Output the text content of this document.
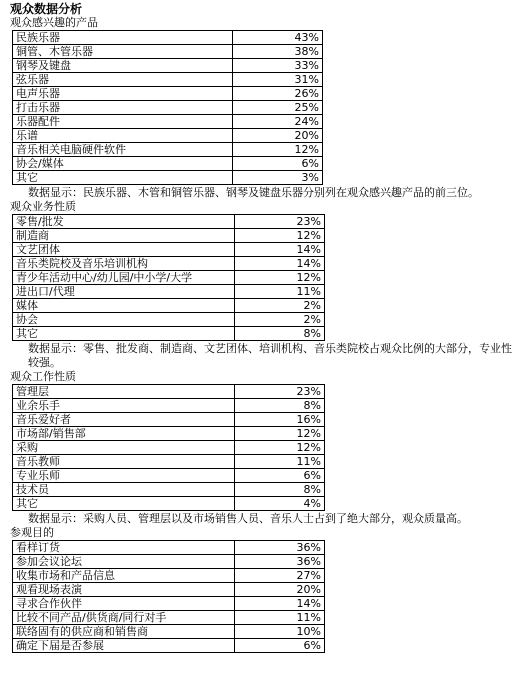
观众数据分析
观众感兴趣的产品
民族乐器	43%
铜管、木管乐器	38%
钢琴及键盘	33%
弦乐器	31%
电声乐器	26%
打击乐器	25%
乐器配件	24%
乐谱	20%
音乐相关电脑硬件软件	12%
协会/媒体	6%
其它	3%
数据显示：民族乐器、木管和铜管乐器、钢琴及键盘乐器分别列在观众感兴趣产品的前三位。
观众业务性质
零售/批发	23%
制造商	12%
文艺团体	14%
音乐类院校及音乐培训机构	14%
青少年活动中心/幼儿园/中小学/大学	12%
进出口/代理	11%
媒体	2%
协会	2%
其它	8%
数据显示：零售、批发商、制造商、文艺团体、培训机构、音乐类院校占观众比例的大部分，专业性较强。
观众工作性质
管理层	23%
业余乐手	8%
音乐爱好者	16%
市场部/销售部	12%
采购	12%
音乐教师	11%
专业乐师	6%
技术员	8%
其它	4%
数据显示：采购人员、管理层以及市场销售人员、音乐人士占到了绝大部分，观众质量高。
参观目的
看样订货	36%
参加会议论坛	36%
收集市场和产品信息	27%
观看现场表演	20%
寻求合作伙伴	14%
比较不同产品/供货商/同行对手	11%
联络固有的供应商和销售商	10%
确定下届是否参展	6%
